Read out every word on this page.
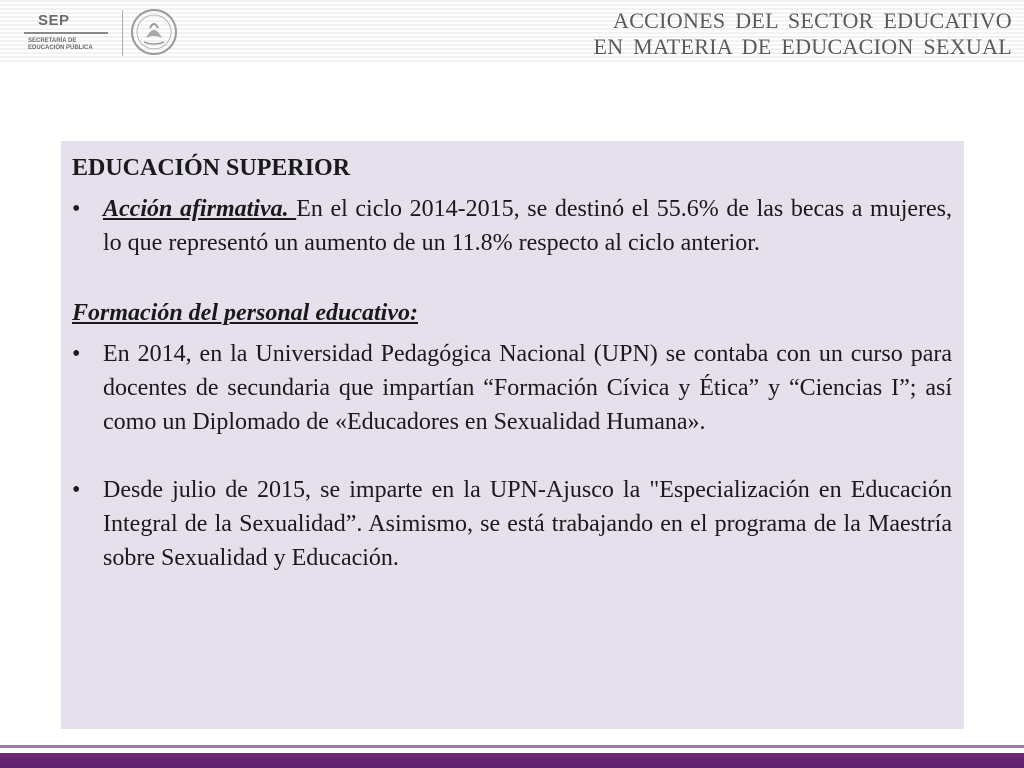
SEP
SECRETARÍA DE
EDUCACIÓN PÚBLICA
ACCIONES DEL SECTOR EDUCATIVO
EN MATERIA DE EDUCACION SEXUAL
EDUCACIÓN SUPERIOR
• Acción afirmativa. En el ciclo 2014-2015, se destinó el 55.6% de las becas a mujeres, lo que representó un aumento de un 11.8% respecto al ciclo anterior.
Formación del personal educativo:
• En 2014, en la Universidad Pedagógica Nacional (UPN) se contaba con un curso para docentes de secundaria que impartían “Formación Cívica y Ética” y “Ciencias I”; así como un Diplomado de «Educadores en Sexualidad Humana».
• Desde julio de 2015, se imparte en la UPN-Ajusco la "Especialización en Educación Integral de la Sexualidad”. Asimismo, se está trabajando en el programa de la Maestría sobre Sexualidad y Educación.
